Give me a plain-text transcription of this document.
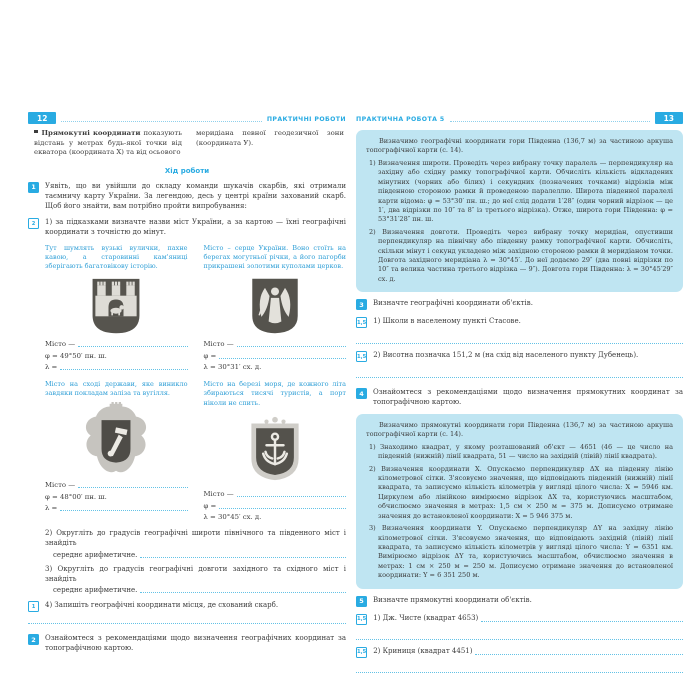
12	ПРАКТИЧНІ РОБОТИ
Прямокутні координати показують відстань у метрах будь-якої точки від екватора (координата X) та від осьового
меридіана певної геодезичної зони (координата У).
Хід роботи
1	Уявіть, що ви увійшли до складу команди шукачів скарбів, які отримали таємничу карту України. За легендою, десь у центрі країни захований скарб. Щоб його знайти, вам потрібно пройти випробування:
2	1) за підказками визначте назви міст України, а за картою — їхні географічні координати з точністю до мінут.

Тут шумлять вузькі вулички, пахне кавою, а старовинні кам'яниці зберігають багатовікову історію.

Місто —
φ = 49°50′ пн. ш.
λ =

Місто – серце України. Воно стоїть на берегах могутньої річки, а його пагорби прикрашені золотими куполами церков.

Місто —
φ =
λ = 30°31′ сх. д.

Місто на сході держави, яке виникло завдяки покладам заліза та вугілля.

Місто —
φ = 48°00′ пн. ш.
λ =

Місто на березі моря, де кожного літа збираються тисячі туристів, а порт ніколи не спить.

Місто —
φ =
λ = 30°45′ сх. д.
2) Округліть до градусів географічні широти північного та південного міст і знайдіть
середнє арифметичне.
3) Округліть до градусів географічні довготи західного та східного міст і знайдіть
середнє арифметичне.
1	4) Запишіть географічні координати місця, де схований скарб.
2	Ознайомтеся з рекомендаціями щодо визначення географічних координат за топографічною картою.
ПРАКТИЧНА РОБОТА 5	13

Визначимо географічні координати гори Південна (136,7 м) за частиною аркуша топографічної карти (с. 14).

1) Визначення широти. Проведіть через вибрану точку паралель — перпендикуляр на західну або східну рамку топографічної карти. Обчисліть кількість відкладених мінутних (чорних або білих) і секундних (позначених точками) відрізків між південною стороною рамки й проведеною паралеллю. Широта південної паралелі карти відома: φ = 53°30′ пн. ш.; до неї слід додати 1′28″ (один чорний відрізок — це 1′, два відрізки по 10″ та 8″ із третього відрізка). Отже, широта гори Південна: φ = 53°31′28″ пн. ш.

2) Визначення довготи. Проведіть через вибрану точку меридіан, опустивши перпендикуляр на північну або південну рамку топографічної карти. Обчисліть, скільки мінут і секунд укладено між західною стороною рамки й меридіаном точки. Довгота західного меридіана λ = 30°45′. До неї додаємо 29″ (два повні відрізки по 10″ та велика частина третього відрізка — 9″). Довгота гори Південна: λ = 30°45′29″ сх. д.

3	Визначте географічні координати об'єктів.
1,5 1) Школи в населеному пункті Стасове.
1,5 2) Висотна позначка 151,2 м (на схід від населеного пункту Дубенець).
4	Ознайомтеся з рекомендаціями щодо визначення прямокутних координат за топографічною картою.

Визначимо прямокутні координати гори Південна (136,7 м) за частиною аркуша топографічної карти (с. 14).

1) Знаходимо квадрат, у якому розташований об'єкт — 4651 (46 — це число на південній (нижній) лінії квадрата, 51 — число на західній (лівій) лінії квадрата).

2) Визначення координати X. Опускаємо перпендикуляр ΔX на південну лінію кілометрової сітки. З'ясовуємо значення, що відповідають південній (нижній) лінії квадрата, та записуємо кількість кілометрів у вигляді цілого числа: X = 5946 км. Циркулем або лінійкою вимірюємо відрізок ΔX та, користуючись масштабом, обчислюємо значення в метрах: 1,5 см × 250 м = 375 м. Дописуємо отримане значення до встановленої координати: X = 5 946 375 м.

3) Визначення координати Y. Опускаємо перпендикуляр ΔY на західну лінію кілометрової сітки. З'ясовуємо значення, що відповідають західній (лівій) лінії квадрата, та записуємо кількість кілометрів у вигляді цілого числа: Y = 6351 км. Вимірюємо відрізок ΔY та, користуючись масштабом, обчислюємо значення в метрах: 1 см × 250 м = 250 м. Дописуємо отримане значення до встановленої координати: Y = 6 351 250 м.

5	Визначте прямокутні координати об'єктів.
1,5 1) Дж. Чисте (квадрат 4653)
1,5 2) Криниця (квадрат 4451)
